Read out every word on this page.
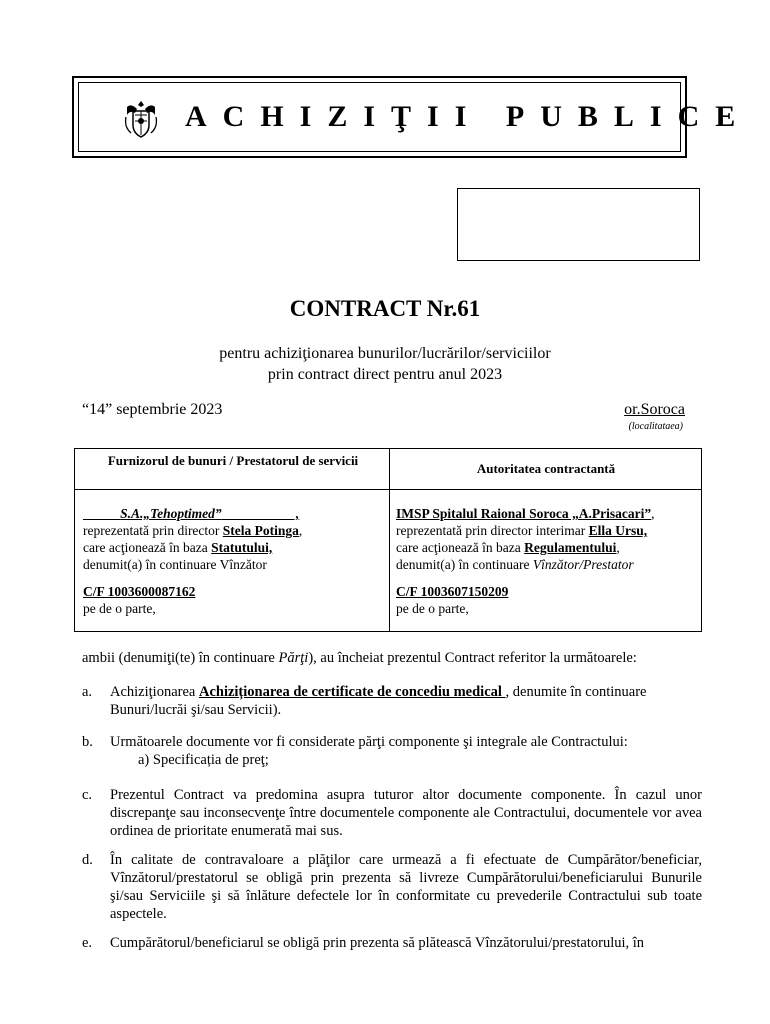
ACHIZIŢII PUBLICE
CONTRACT Nr.61
pentru achiziţionarea bunurilor/lucrărilor/serviciilor
prin contract direct pentru anul 2023
“14” septembrie 2023	or.Soroca
(localitataea)
Furnizorul de bunuri / Prestatorul de servicii
Autoritatea contractantă
S.A.„Tehoptimed”                      ,
reprezentată prin director Stela Potinga,
care acţionează în baza Statutului,
denumit(a) în continuare Vînzător
C/F 1003600087162
pe de o parte,
IMSP Spitalul Raional Soroca „A.Prisacari”,
reprezentată prin director interimar Ella Ursu,
care acţionează în baza Regulamentului,
denumit(a) în continuare Vînzător/Prestator
C/F 1003607150209
pe de o parte,
ambii (denumiţi(te) în continuare Părţi), au încheiat prezentul Contract referitor la următoarele:
a. Achiziţionarea Achiziționarea de certificate de concediu medical , denumite în continuare Bunuri/lucrăi şi/sau Servicii).
b. Următoarele documente vor fi considerate părţi componente şi integrale ale Contractului:
a) Specificația de preţ;
c. Prezentul Contract va predomina asupra tuturor altor documente componente. În cazul unor discrepanţe sau inconsecvenţe între documentele componente ale Contractului, documentele vor avea ordinea de prioritate enumerată mai sus.
d. În calitate de contravaloare a plăţilor care urmează a fi efectuate de Cumpărător/beneficiar, Vînzătorul/prestatorul se obligă prin prezenta să livreze Cumpărătorului/beneficiarului Bunurile şi/sau Serviciile şi să înlăture defectele lor în conformitate cu prevederile Contractului sub toate aspectele.
e. Cumpărătorul/beneficiarul se obligă prin prezenta să plătească Vînzătorului/prestatorului, în
